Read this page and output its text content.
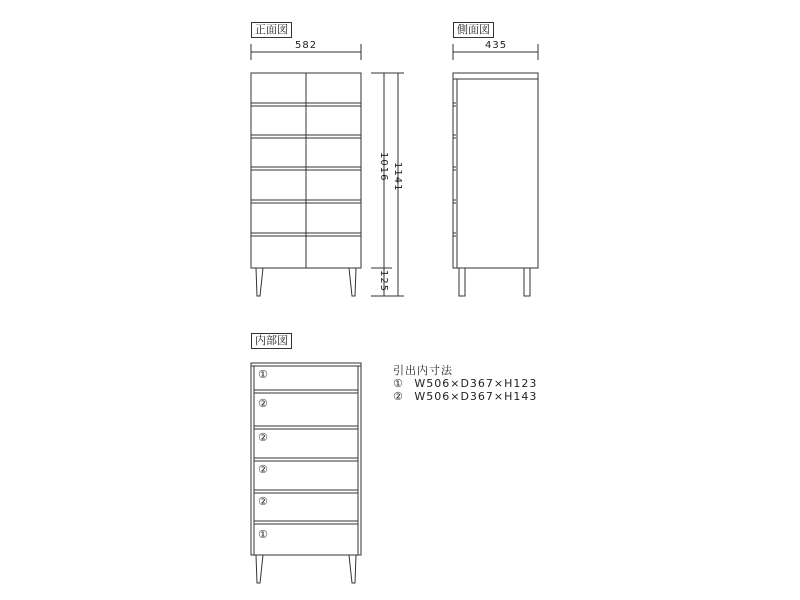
正面図	側面図
内部図
582	435
1016 1141
125
①
②
②
②
②
①
引出内寸法
① W506×D367×H123
② W506×D367×H143
